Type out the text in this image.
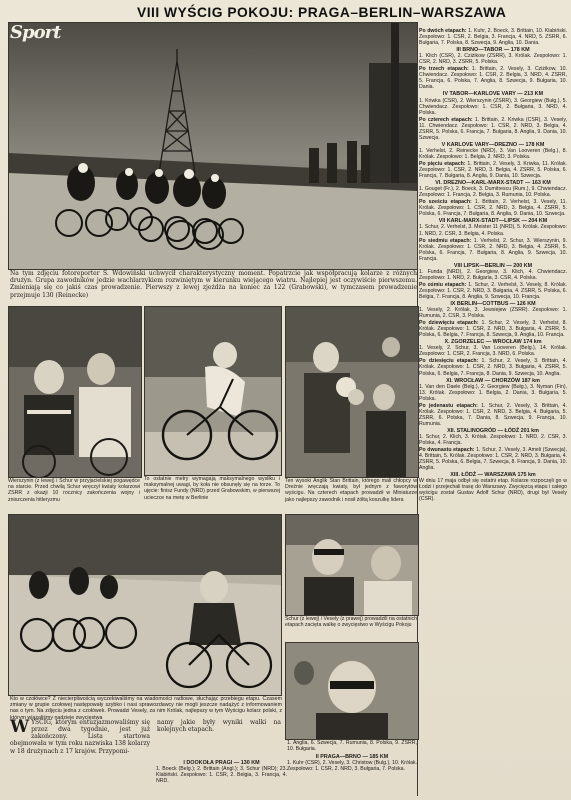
VIII WYŚCIG POKOJU: PRAGA–BERLIN–WARSZAWA
Sport	Po dwóch etapach: 1. Kuhr, 2. Boeck, 3. Brittain, 10. Klabiński. Zespołowo: 1. CSR, 2. Belgia, 3. Francja, 4. NRD, 5. ZSRR, 6. Bułgaria, 7. Polska, 8. Szwecja, 9. Anglia, 10. Dania.

III BRNO—TABOR — 178 KM

1. Klich (CSR), 2. Cziżikow (ZSRR), 3. Królak. Zespołowo: 1. CSR, 2. NRD, 3. ZSRR, 5. Polska.

Po trzech etapach: 1. Brittain, 2. Vesely, 3. Cziżikow, 10. Chwiendacz. Zespołowo: 1. CSR, 2. Belgia, 3. NRD, 4. ZSRR, 5. Francja, 6. Polska, 7. Anglia, 8. Szwecja, 9. Bułgaria, 10. Dania.

IV TABOR—KARLOVE VARY — 213 KM

1. Kriwka (CSR), 2. Wierszynin (ZSRR), 3. Georgiew (Bułg.), 5. Chwiendacz. Zespołowo: 1. CSR, 2. Bułgaria, 3. NRD, 4. Polska.

Po czterech etapach: 1. Brittain, 2. Kriwka (CSR), 3. Vesely, 11. Chwiendacz. Zespołowo: 1. CSR, 2. NRD, 3. Belgia, 4. ZSRR, 5. Polska, 6. Francja, 7. Bułgaria, 8. Anglia, 9. Dania, 10. Szwecja.

V KARLOVE VARY—DREZNO — 178 KM

1. Verhelst, 2. Reinecke (NRD), 3. Van Looveren (Belg.), 8. Królak. Zespołowo: 1. Belgia, 2. NRD, 3. Polska.

Po pięciu etapach: 1. Brittain, 2. Vesely, 3. Kriwka, 11. Królak. Zespołowo: 1. CSR, 2. NRD, 3. Belgia, 4. ZSRR, 5. Polska, 6. Francja, 7. Bułgaria, 8. Anglia, 9. Dania, 10. Szwecja.

VI. DREZNO—KARL-MARX-STADT — 163 KM

1. Gouget (Fr.), 2. Boeck, 3. Dumitrescu (Rum.), 9. Chwiendacz. Zespołowo: 1. Francja, 2. Belgia, 3. Rumunia, 10. Polska.

Po sześciu etapach: 1. Brittain, 2. Verhelst, 3. Vesely, 11. Królak. Zespołowo: 1. CSR, 2. NRD, 3. Belgia, 4. ZSRR, 5. Polska, 6. Francja, 7. Bułgaria, 8. Anglia, 9. Dania, 10. Szwecja.

VII KARL-MARX-STADT—LIPSK — 204 KM

1. Schur, 2. Verhelst, 3. Meister 11 (NRD), 5. Królak. Zespołowo: 1. NRD, 2. CSR, 3. Belgia, 4. Polska.

Po siedmiu etapach: 1. Verhelst, 2. Schur, 3. Wierszynin, 9. Królak. Zespołowo: 1. CSR, 2. NRD, 3. Belgia, 4. ZSRR, 5. Polska, 6. Francja, 7. Bułgaria, 8. Anglia, 9. Szwecja, 10. Francja.

VIII LIPSK—BERLIN — 200 KM

1. Funda (NRD), 2. Georgiew, 3. Klich, 4. Chwiendacz. Zespołowo: 1. NRD, 2. Bułgaria, 3. CSR, 4. Polska.

Po ośmiu etapach: 1. Schur, 2. Verhelst, 3. Vesely, 8. Królak. Zespołowo: 1. CSR, 2. NRD, 3. Bułgaria, 4. ZSRR, 5. Polska, 6. Belgia, 7. Francja, 8. Anglia, 9. Szwecja, 10. Francja.

IX BERLIN—COTTBUS — 126 KM

1. Vesely, 2. Królak, 3. Jewsiejew (ZSRR). Zespołowo: 1. Rumunia, 2. CSR, 3. Polska.

Po dziewięciu etapach: 1. Schur, 2. Vesely, 3. Verhelst, 8. Królak. Zespołowo: 1. CSR, 2. NRD, 3. Bułgaria, 4. ZSRR, 5. Polska, 6. Belgia, 7. Francja, 8. Szwecja, 9. Anglia, 10. Francja.

X. ZGORZELEC — WROCŁAW 174 km

1. Vesely, 2. Schur, 3. Van Looveren (Belg.), 14. Królak. Zespołowo: 1. CSR, 2. Francja, 3. NRD, 6. Polska.

Po dziesięciu etapach: 1. Schur, 2. Vesely, 3. Brittain, 4. Królak. Zespołowo: 1. CSR, 2. NRD, 3. Bułgaria, 4. ZSRR, 5. Polska, 6. Belgia, 7. Francja, 8. Dania, 9. Szwecja, 10. Anglia.

XI. WROCŁAW — CHORZÓW 187 km

1. Van den Daele (Belg.), 2. Georgiew (Bułg.), 3. Nyman (Fin), 13. Królak. Zespołowo: 1. Belgia, 2. Dania, 3. Bułgaria, 5. Polska.

Po jedenastu etapach: 1. Schur, 2. Vesely, 3. Brittain, 4. Królak. Zespołowo: 1. CSR, 2. NRD, 3. Belgia, 4. Bułgaria, 5. ZSRR, 6. Polska, 7. Dania, 8. Szwecja, 9. Francja, 10. Rumunia.

XII. STALINOGRÓD — ŁÓDŹ 201 km

1. Schur, 2. Klich, 3. Królak. Zespołowo: 1. NRD, 2. CSR, 3. Polska, 4. Francja.

Po dwunastu etapach: 1. Schur, 2. Vesely, 3. Ameli (Szwecja), 4. Brittain, 5. Królak. Zespołowo: 1. CSR, 2. NRD, 3. Bułgaria, 4. ZSRR, 5. Polska, 6. Belgia, 7. Szwecja, 8. Francja, 9. Dania, 10. Anglia.

XIII. ŁÓDŹ — WARSZAWA 175 km

W dniu 17 maja odbył się ostatni etap. Kolarze rozpoczęli go w Łodzi i przejechali trasę do Warszawy. Zwycięzcą etapu i całego wyścigu został Gustav Adolf Schur (NRD), drugi był Vesely (CSR).

Na tym zdjęciu fotoreporter S. Wdowiński uchwycił charakterystyczny moment. Popatrzcie jak współpracują kolarze z różnych drużyn. Grupa zawodników jedzie wachlarzykiem rozwiniętym w kierunku wiejącego wiatru. Najlepiej jest oczywiście pierwszemu. Zmieniają się co jakiś czas prowadzenie. Pierwszy z lewej zjeżdża na koniec za 122 (Grabowski), w tymczasem prowadzenie przejmuje 130 (Reinecke)
Wierszynin (z lewej) i Schur w przyjacielskiej pogawędce na starcie. Przed chwilą Schur wręczył kwiaty kolarzowi ZSRR z okazji 10 rocznicy zakończenia wojny i zniszczenia hitleryzmu
To ostatnie metry wymagają maksymalnego wysiłku i maksymalnej uwagi, by koła nie obsunęły się na torze. To ujęcie: finisz Fundy (NRD) przed Grabowskim, w pierwszej ucieczce na metę w Berlinie
Ten wysoki Anglik Stan Brittain, którego mali chłopcy w Dreźnie wręczają kwiaty, był jednym z faworytów wyścigu. Na czterech etapach prowadził w Miniaturze jako najlepszy zawodnik i nosił żółtą koszulkę lidera
Schur (z lewej) i Vesely (z prawej) prowadzili na ostatnich etapach zacięta walkę o zwycięstwo w Wyścigu Pokoju
Kto w czołówce? Z niecierpliwością wyczekiwaliśmy na wiadomości radiowe, słuchając przebiegu etapu. Czasem zmiany w grupie czołowej następowały szybko i nasi sprawozdawcy nie mogli jeszcze nadążyć z informowaniem nas o tym. Na zdjęciu jedna z czołówek. Prowadzi Vesely, za nim Królak, najlepszy w tym Wyścigu kolarz polski, z którym wiązaliśmy nadzieje zwycięstwa
W YŚCIG, którym entuzjazmowaliśmy się przez dwa tygodnie, jest już zakończony. Lista startowa obejmowała w tym roku nazwiska 138 kolarzy w 18 drużynach z 17 krajów. Przypomi-
namy jakie były wyniki walki na kolejnych etapach.
I DOOKOŁA PRAGI — 130 KM
1. Boeck (Belg.); 2. Brittain (Angl.); 3. Schur (NRD); 23. Klabiński. Zespołowo: 1. CSR, 2. Belgia, 3. Francja, 4. NRD.
1. Anglia, 6. Szwecja, 7. Rumunia, 8. Polska, 9. ZSRR, 10. Bułgaria.
II PRAGA—BRNO — 185 KM
1. Kuhr (CSR), 2. Vesely, 3. Christow (Bulg.), 10. Królak. Zespołowo: 1. CSR, 2. NRD, 3. Bułgaria, 7. Polska.
